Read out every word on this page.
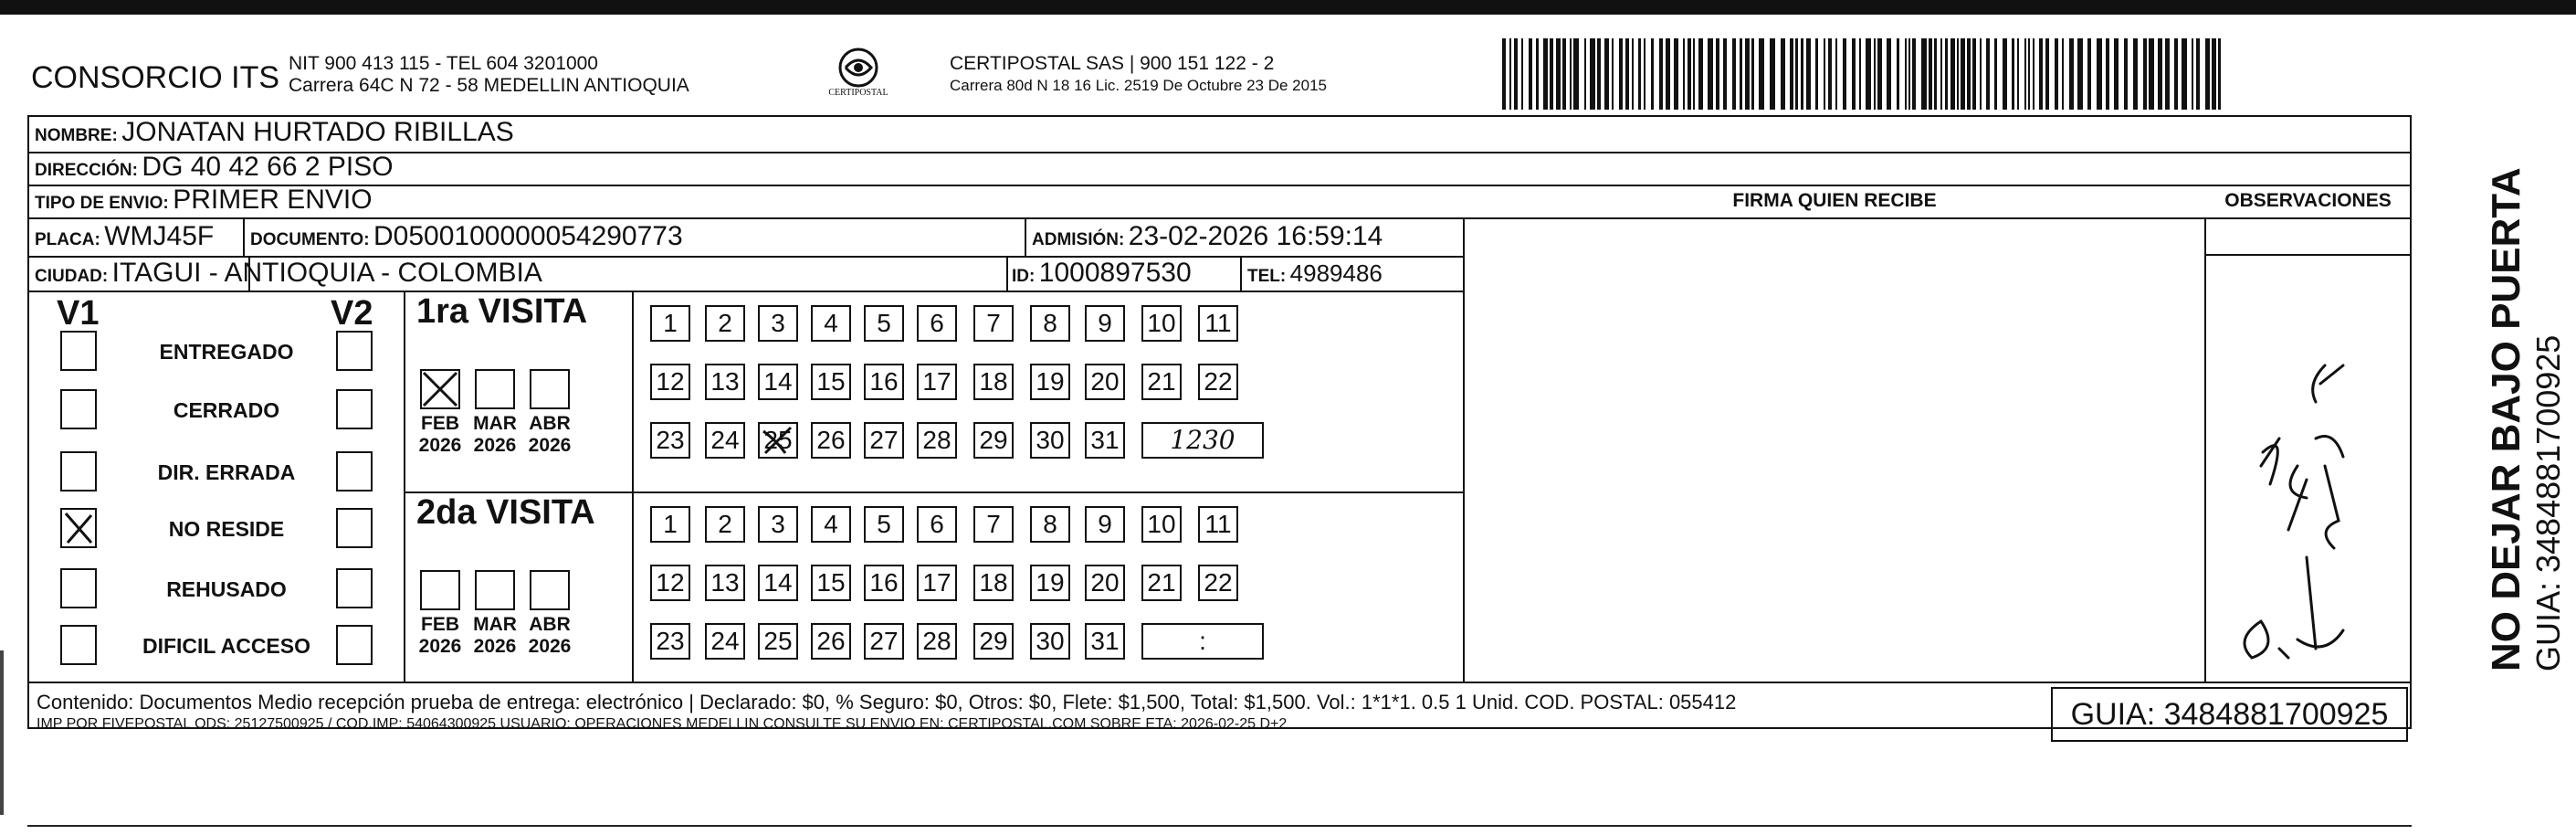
CONSORCIO ITS NIT 900 413 115 - TEL 604 3201000
Carrera 64C N 72 - 58 MEDELLIN ANTIOQUIA	CERTIPOSTAL
CERTIPOSTAL SAS | 900 151 122 - 2
Carrera 80d N 18 16 Lic. 2519 De Octubre 23 De 2015
NOMBRE: JONATAN HURTADO RIBILLAS
DIRECCIÓN: DG 40 42 66 2 PISO
TIPO DE ENVIO: PRIMER ENVIO	FIRMA QUIEN RECIBE	OBSERVACIONES
PLACA: WMJ45F DOCUMENTO: D0500100000054290773	ADMISIÓN: 23-02-2026 16:59:14
CIUDAD: ITAGUI - ANTIOQUIA - COLOMBIA	ID: 1000897530	TEL: 4989486
V1	V2
ENTREGADO
CERRADO
DIR. ERRADA
NO RESIDE
REHUSADO
DIFICIL ACCESO
1ra VISITA
FEB
2026
MAR
2026
ABR
2026
1	2	3	4	5	6	7	8	9	10 11
12 13 14 15 16 17 18 19 20 21 22
23 24 25 26 27 28 29 30 31	1230
2da VISITA
FEB
2026
MAR
2026
ABR
2026
1	2	3	4	5	6	7	8	9	10 11
12 13 14 15 16 17 18 19 20 21 22
23 24 25 26 27 28 29 30 31	:
Contenido: Documentos Medio recepción prueba de entrega: electrónico | Declarado: $0, % Seguro: $0, Otros: $0, Flete: $1,500, Total: $1,500. Vol.: 1*1*1. 0.5 1 Unid. COD. POSTAL: 055412
IMP POR FIVEPOSTAL ODS: 25127500925 / COD.IMP: 54064300925 USUARIO: OPERACIONES MEDELLIN CONSULTE SU ENVIO EN: CERTIPOSTAL.COM SOBRE ETA: 2026-02-25 D+2	GUIA: 3484881700925
NO DEJAR BAJO PUERTA GUIA: 3484881700925
